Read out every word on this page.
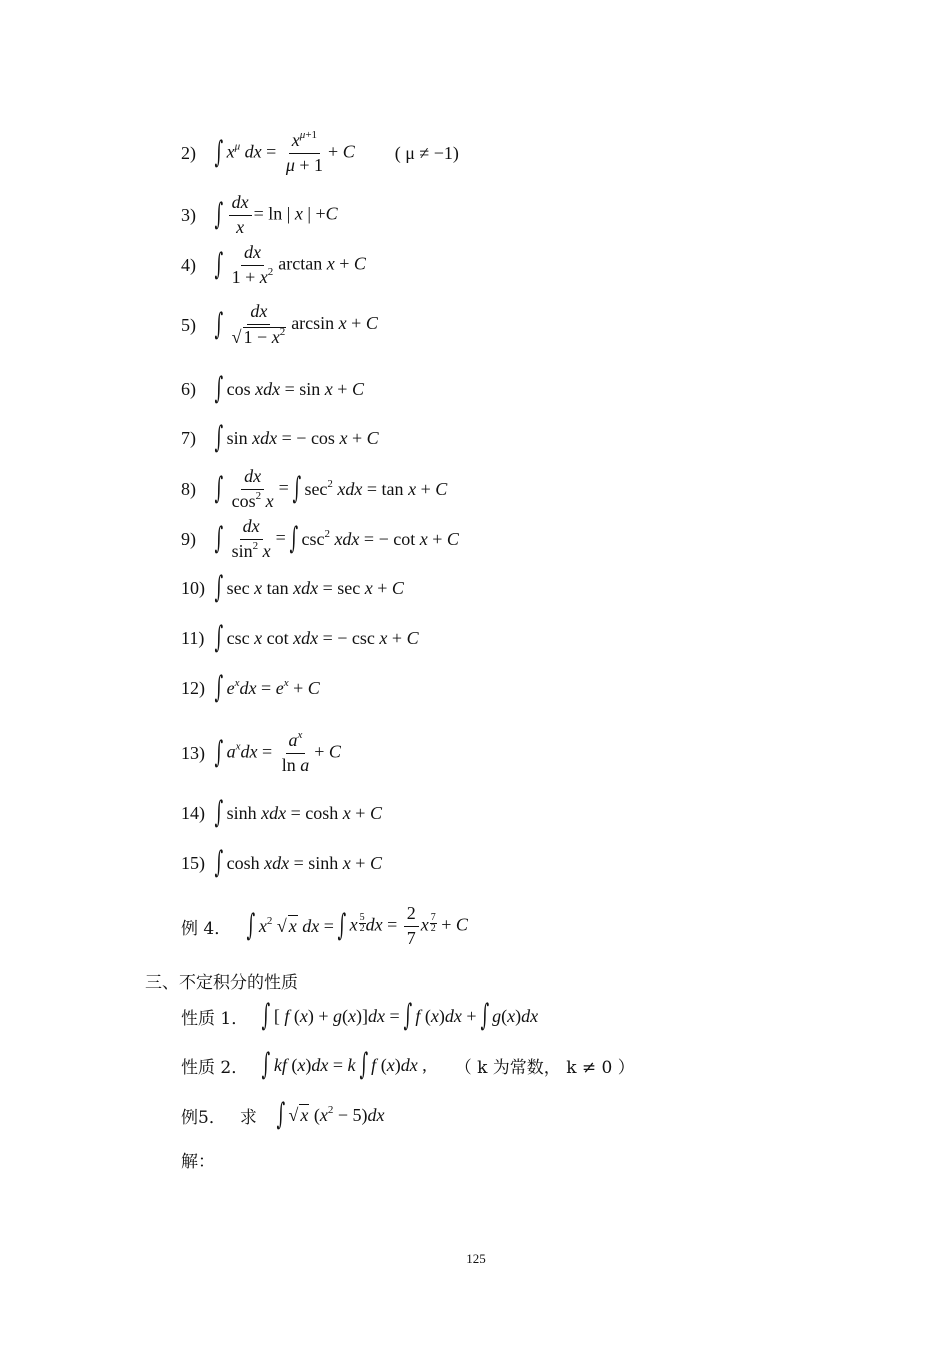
2) ∫ $x^\mu$ dx = $\frac{x^{\mu+1}}{\mu + 1} + C$ ( μ ≠ −1)
3) ∫ $\frac{dx}{x} = \ln$ | x | +C
4) ∫ $\frac{dx}{1 + x^2}$ arctan x + C
5) ∫ $\frac{dx}{√ 1 - x^2}$ arcsin x + C
6) ∫ cos xdx = sin x + C
7) ∫ sin xdx = − cos x + C
8) ∫ $\frac{dx}{\cos^2 x}$ = ∫ $\sec^2$ xdx = tan x + C
9) ∫ $\frac{dx}{\sin^2 x}$ = ∫ $\csc^2$ xdx = − cot x + C
10) ∫ sec x tan xdx = sec x + C
11) ∫ csc x cot xdx = − csc x + C
12) ∫ $e^xdx = e^x + C$
13) ∫ $a^xdx = \frac{a^x}{\text{ln a}} + C$
14) ∫ sinh xdx = cosh x + C
15) ∫ cosh xdx = sinh x + C
例 4． ∫ $x^2$ √ x dx = ∫ x $\frac{5}{2}$ dx = $\frac{2}{7}$ x $\frac{7}{2} + C$
三、不定积分的性质
性质 1． ∫ [ f (x) + g(x)]dx = ∫ f (x)dx + ∫ g(x)dx
性质 2． ∫ kf (x)dx = k ∫ f (x)dx , （ k 为常数， k ≠ 0 ）
例5． 求 ∫ √ x $(x^2 - 5)dx$
解：
125
